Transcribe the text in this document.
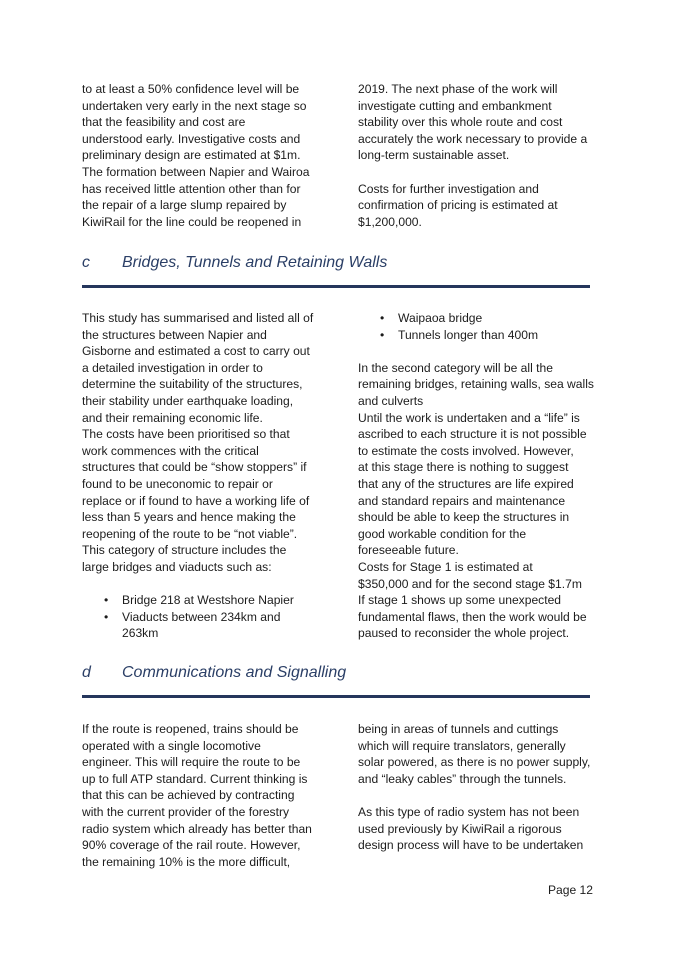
to at least a 50% confidence level will be
undertaken very early in the next stage so
that the feasibility and cost are
understood early. Investigative costs and
preliminary design are estimated at $1m.
The formation between Napier and Wairoa
has received little attention other than for
the repair of a large slump repaired by
KiwiRail for the line could be reopened in

2019. The next phase of the work will
investigate cutting and embankment
stability over this whole route and cost
accurately the work necessary to provide a
long-term sustainable asset.

Costs for further investigation and
confirmation of pricing is estimated at
$1,200,000.

c Bridges, Tunnels and Retaining Walls

This study has summarised and listed all of
the structures between Napier and
Gisborne and estimated a cost to carry out
a detailed investigation in order to
determine the suitability of the structures,
their stability under earthquake loading,
and their remaining economic life.
The costs have been prioritised so that
work commences with the critical
structures that could be “show stoppers” if
found to be uneconomic to repair or
replace or if found to have a working life of
less than 5 years and hence making the
reopening of the route to be “not viable”.
This category of structure includes the
large bridges and viaducts such as:

• Bridge 218 at Westshore Napier
• Viaducts between 234km and
263km
• Waipaoa bridge
• Tunnels longer than 400m

In the second category will be all the
remaining bridges, retaining walls, sea walls
and culverts
Until the work is undertaken and a “life” is
ascribed to each structure it is not possible
to estimate the costs involved. However,
at this stage there is nothing to suggest
that any of the structures are life expired
and standard repairs and maintenance
should be able to keep the structures in
good workable condition for the
foreseeable future.
Costs for Stage 1 is estimated at
$350,000 and for the second stage $1.7m
If stage 1 shows up some unexpected
fundamental flaws, then the work would be
paused to reconsider the whole project.

d Communications and Signalling

If the route is reopened, trains should be
operated with a single locomotive
engineer. This will require the route to be
up to full ATP standard. Current thinking is
that this can be achieved by contracting
with the current provider of the forestry
radio system which already has better than
90% coverage of the rail route. However,
the remaining 10% is the more difficult,

being in areas of tunnels and cuttings
which will require translators, generally
solar powered, as there is no power supply,
and “leaky cables” through the tunnels.

As this type of radio system has not been
used previously by KiwiRail a rigorous
design process will have to be undertaken

Page 12
